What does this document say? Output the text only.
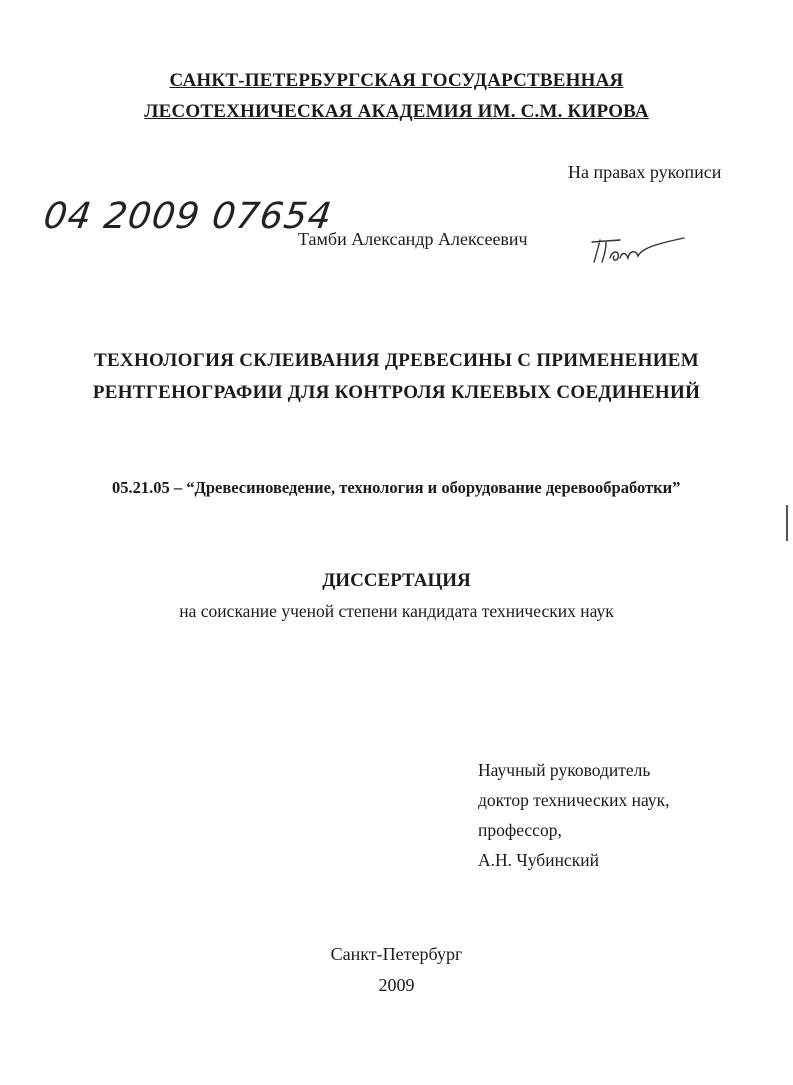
САНКТ-ПЕТЕРБУРГСКАЯ ГОСУДАРСТВЕННАЯ
ЛЕСОТЕХНИЧЕСКАЯ АКАДЕМИЯ ИМ. С.М. КИРОВА
На правах рукописи
04 2009 07654
Тамби Александр Алексеевич
ТЕХНОЛОГИЯ СКЛЕИВАНИЯ ДРЕВЕСИНЫ С ПРИМЕНЕНИЕМ
РЕНТГЕНОГРАФИИ ДЛЯ КОНТРОЛЯ КЛЕЕВЫХ СОЕДИНЕНИЙ
05.21.05 – “Древесиноведение, технология и оборудование деревообработки”
ДИССЕРТАЦИЯ
на соискание ученой степени кандидата технических наук
Научный руководитель
доктор технических наук,
профессор,
А.Н. Чубинский
Санкт-Петербург
2009
